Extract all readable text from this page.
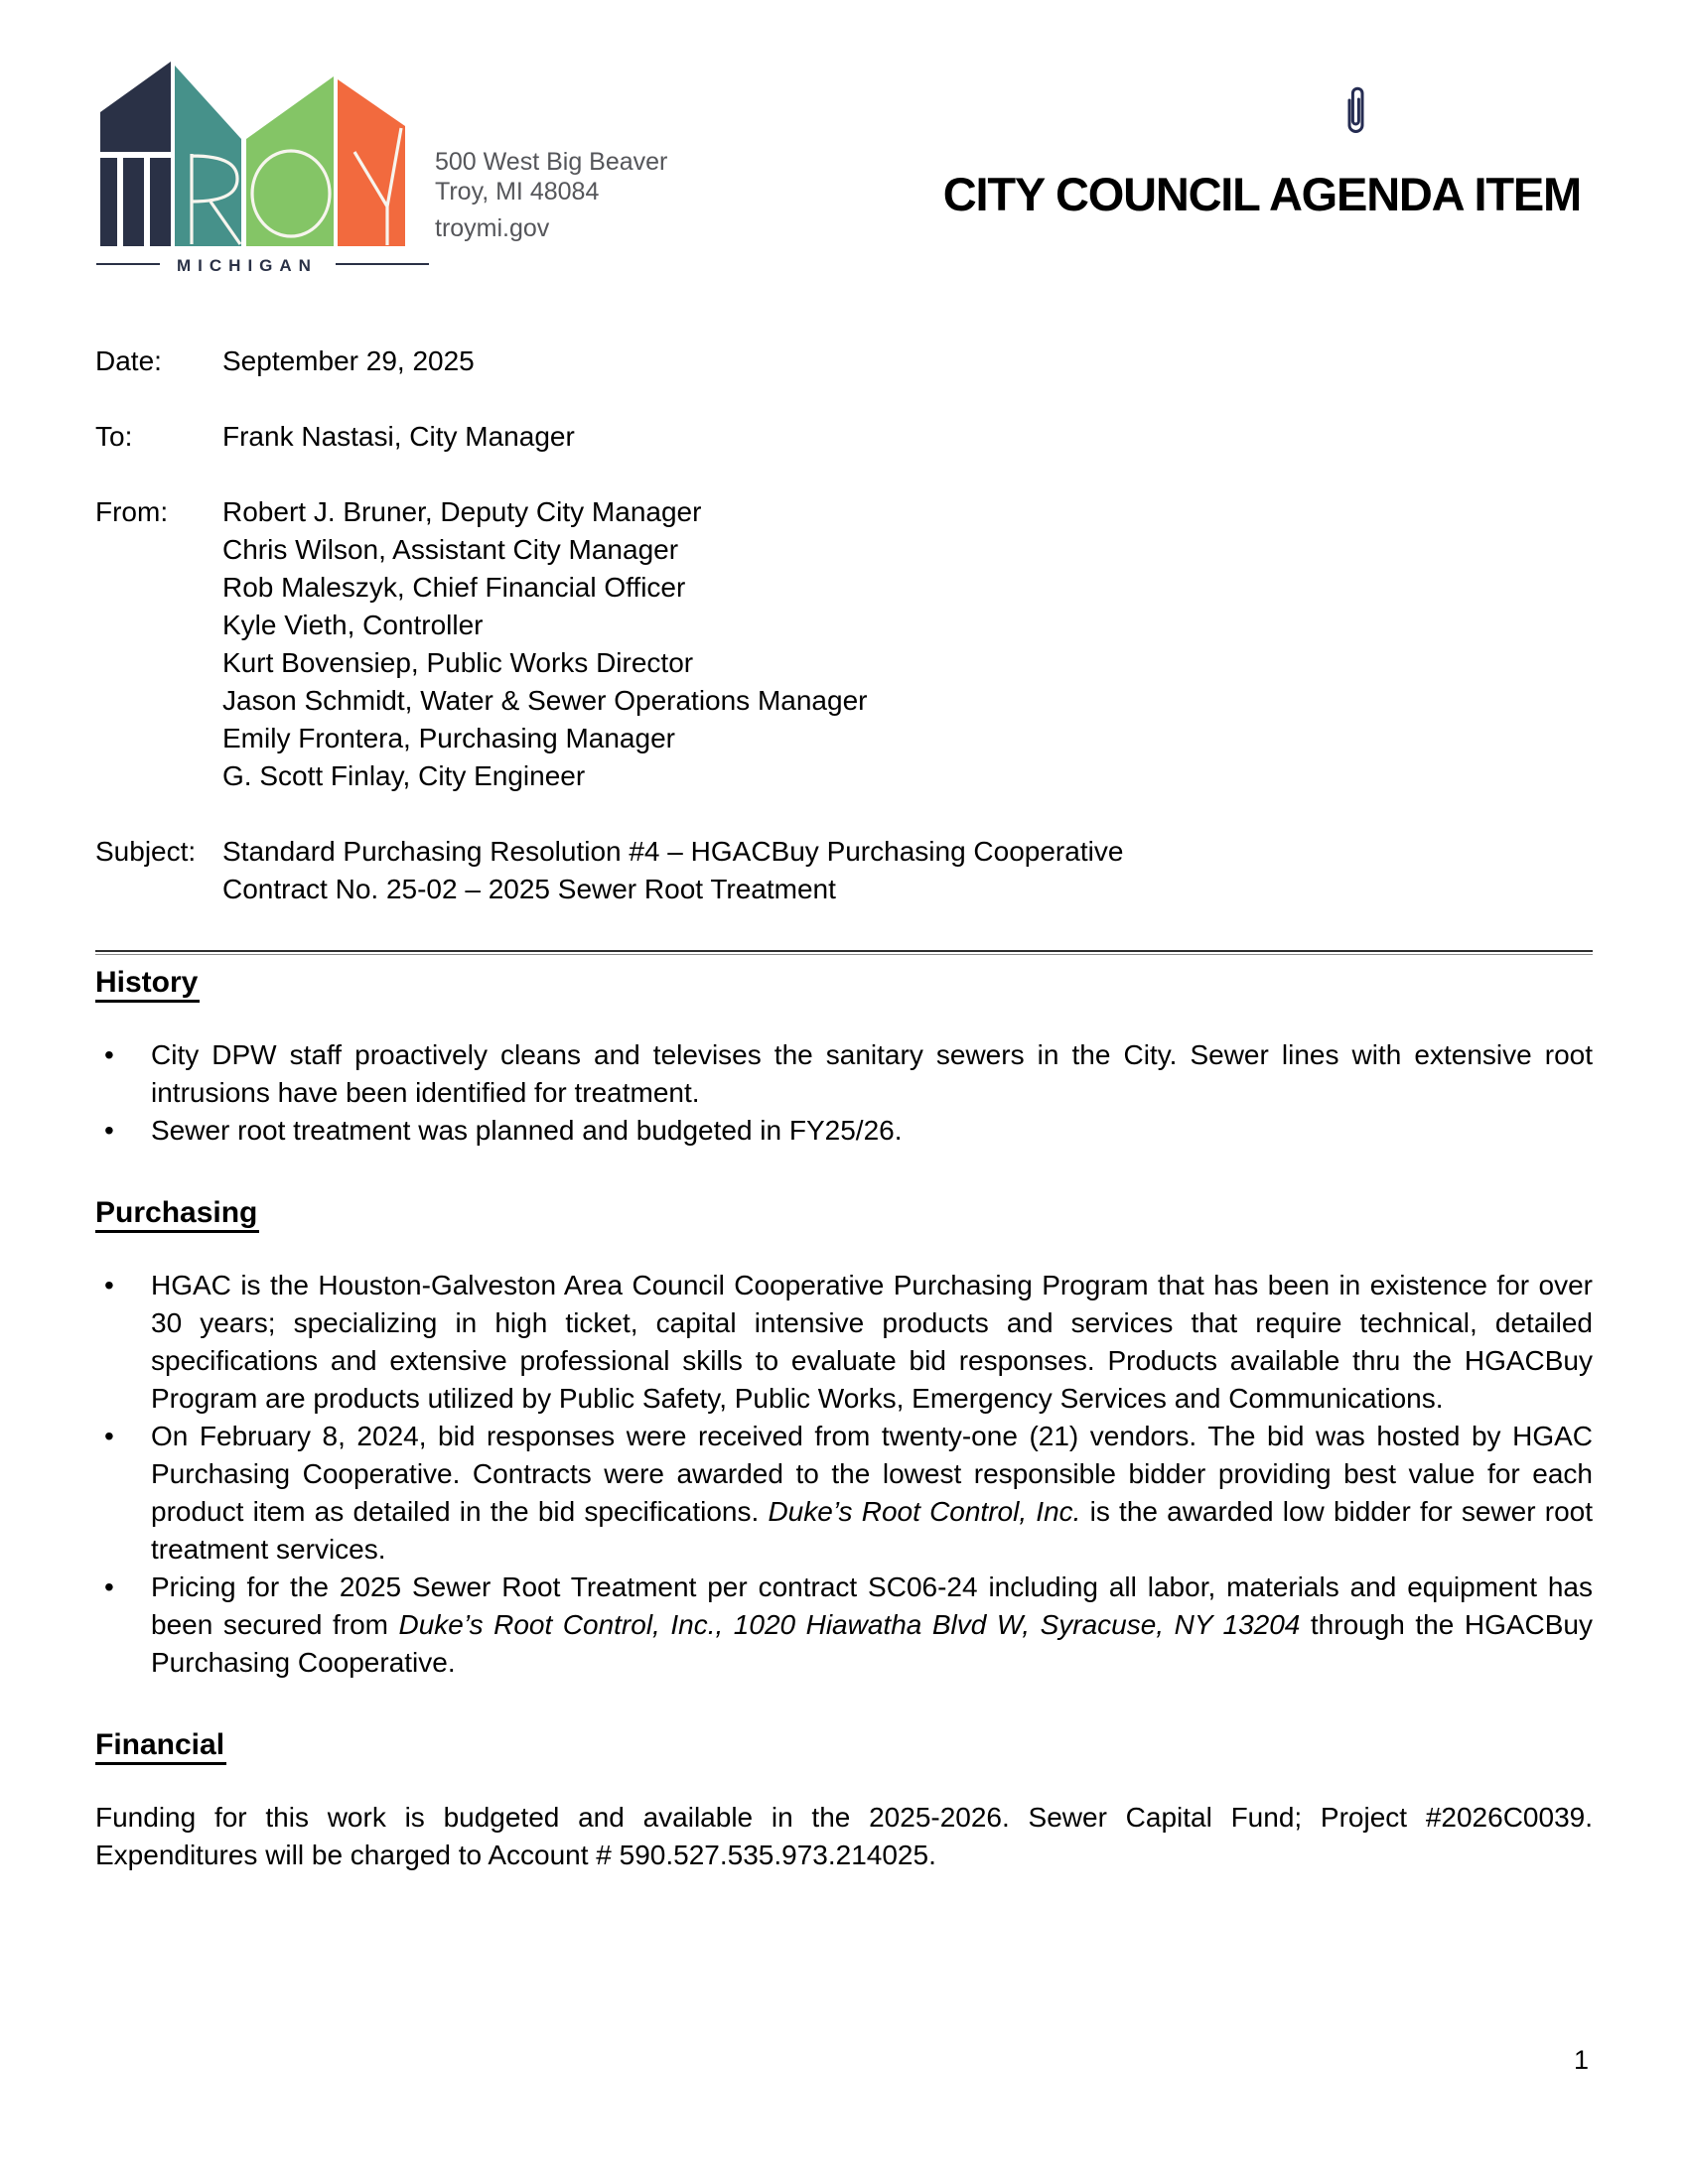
MICHIGAN
500 West Big Beaver
Troy, MI 48084
troymi.gov
CITY COUNCIL AGENDA ITEM
Date:	September 29, 2025
To:	Frank Nastasi, City Manager
From:	Robert J. Bruner, Deputy City Manager
Chris Wilson, Assistant City Manager
Rob Maleszyk, Chief Financial Officer
Kyle Vieth, Controller
Kurt Bovensiep, Public Works Director
Jason Schmidt, Water & Sewer Operations Manager
Emily Frontera, Purchasing Manager
G. Scott Finlay, City Engineer
Subject: Standard Purchasing Resolution #4 – HGACBuy Purchasing Cooperative
Contract No. 25-02 – 2025 Sewer Root Treatment
History
• City DPW staff proactively cleans and televises the sanitary sewers in the City. Sewer lines with extensive root intrusions have been identified for treatment.
• Sewer root treatment was planned and budgeted in FY25/26.
Purchasing
• HGAC is the Houston-Galveston Area Council Cooperative Purchasing Program that has been in existence for over 30 years; specializing in high ticket, capital intensive products and services that require technical, detailed specifications and extensive professional skills to evaluate bid responses. Products available thru the HGACBuy Program are products utilized by Public Safety, Public Works, Emergency Services and Communications.
• On February 8, 2024, bid responses were received from twenty-one (21) vendors. The bid was hosted by HGAC Purchasing Cooperative. Contracts were awarded to the lowest responsible bidder providing best value for each product item as detailed in the bid specifications. Duke’s Root Control, Inc. is the awarded low bidder for sewer root treatment services.
• Pricing for the 2025 Sewer Root Treatment per contract SC06-24 including all labor, materials and equipment has been secured from Duke’s Root Control, Inc., 1020 Hiawatha Blvd W, Syracuse, NY 13204 through the HGACBuy Purchasing Cooperative.
Financial

Funding for this work is budgeted and available in the 2025-2026. Sewer Capital Fund; Project #2026C0039. Expenditures will be charged to Account # 590.527.535.973.214025.

1
